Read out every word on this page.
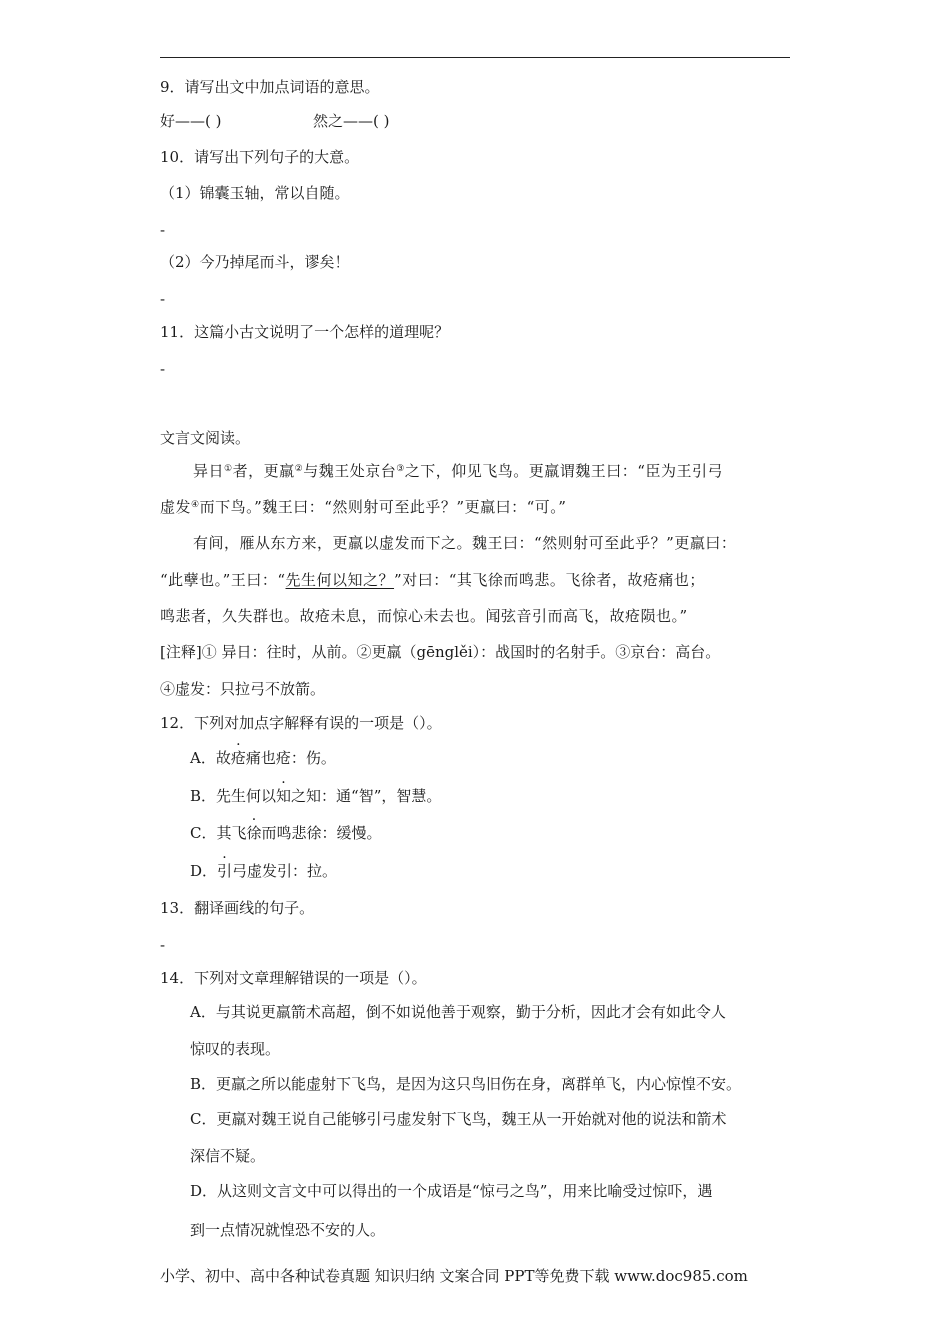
9．请写出文中加点词语的意思。
好——( )	然之——( )
10．请写出下列句子的大意。
（1）锦囊玉轴，常以自随。
-
（2）今乃掉尾而斗，谬矣！
-
11．这篇小古文说明了一个怎样的道理呢？
-
文言文阅读。
异日①者，更羸②与魏王处京台③之下，仰见飞鸟。更羸谓魏王曰：“臣为王引弓
虚发④而下鸟。”魏王曰：“然则射可至此乎？”更羸曰：“可。”
有间，雁从东方来，更羸以虚发而下之。魏王曰：“然则射可至此乎？”更羸曰：
“此孽也。”王曰：“先生何以知之？”对曰：“其飞徐而鸣悲。飞徐者，故疮痛也；
鸣悲者，久失群也。故疮未息，而惊心未去也。闻弦音引而高飞，故疮陨也。”
[注释]① 异日：往时，从前。②更羸（gēnglěi）：战国时的名射手。③京台：高台。
④虚发：只拉弓不放箭。
12．下列对加点字解释有误的一项是（）。
A．故疮痛也疮：伤。
B．先生何以知之知：通“智”，智慧。
C．其飞徐而鸣悲徐：缓慢。
D．引弓虚发引：拉。
13．翻译画线的句子。
-
14．下列对文章理解错误的一项是（）。
A．与其说更羸箭术高超，倒不如说他善于观察，勤于分析，因此才会有如此令人
惊叹的表现。
B．更羸之所以能虚射下飞鸟，是因为这只鸟旧伤在身，离群单飞，内心惊惶不安。
C．更羸对魏王说自己能够引弓虚发射下飞鸟，魏王从一开始就对他的说法和箭术
深信不疑。
D．从这则文言文中可以得出的一个成语是“惊弓之鸟”，用来比喻受过惊吓，遇
到一点情况就惶恐不安的人。
小学、初中、高中各种试卷真题 知识归纳 文案合同 PPT等免费下载 www.doc985.com
